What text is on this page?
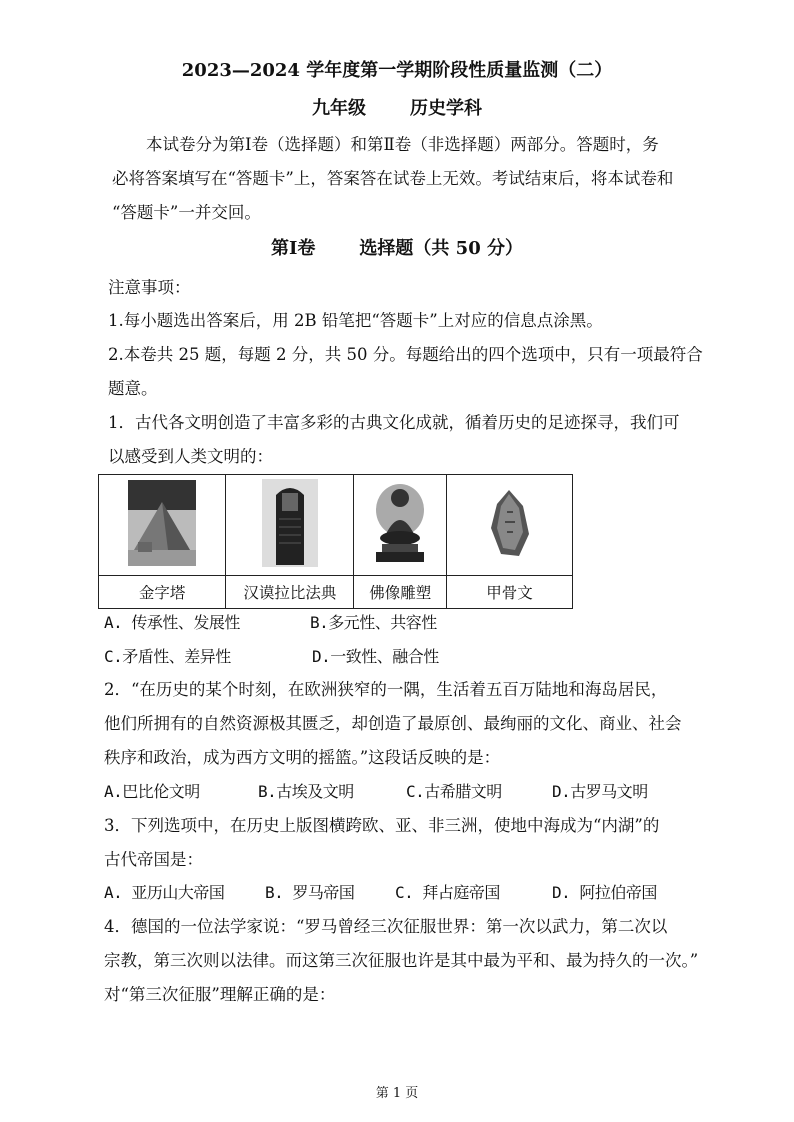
2023—2024 学年度第一学期阶段性质量监测（二）
九年级 历史学科
本试卷分为第Ⅰ卷（选择题）和第Ⅱ卷（非选择题）两部分。答题时，务
必将答案填写在“答题卡”上，答案答在试卷上无效。考试结束后，将本试卷和
“答题卡”一并交回。
第Ⅰ卷 选择题（共 50 分）
注意事项：
1.每小题选出答案后，用 2B 铅笔把“答题卡”上对应的信息点涂黑。
2.本卷共 25 题，每题 2 分，共 50 分。每题给出的四个选项中，只有一项最符合
题意。
1．古代各文明创造了丰富多彩的古典文化成就，循着历史的足迹探寻，我们可
以感受到人类文明的：

金字塔	汉谟拉比法典	佛像雕塑	甲骨文
A. 传承性、发展性	B.多元性、共容性
C.矛盾性、差异性	D.一致性、融合性
2．“在历史的某个时刻，在欧洲狭窄的一隅，生活着五百万陆地和海岛居民，
他们所拥有的自然资源极其匮乏，却创造了最原创、最绚丽的文化、商业、社会
秩序和政治，成为西方文明的摇篮。”这段话反映的是：
A.巴比伦文明	B.古埃及文明	C.古希腊文明	D.古罗马文明
3．下列选项中，在历史上版图横跨欧、亚、非三洲，使地中海成为“内湖”的
古代帝国是：
A. 亚历山大帝国	B. 罗马帝国	C. 拜占庭帝国	D. 阿拉伯帝国
4．德国的一位法学家说：“罗马曾经三次征服世界：第一次以武力，第二次以
宗教，第三次则以法律。而这第三次征服也许是其中最为平和、最为持久的一次。”
对“第三次征服”理解正确的是：
第 1 页
